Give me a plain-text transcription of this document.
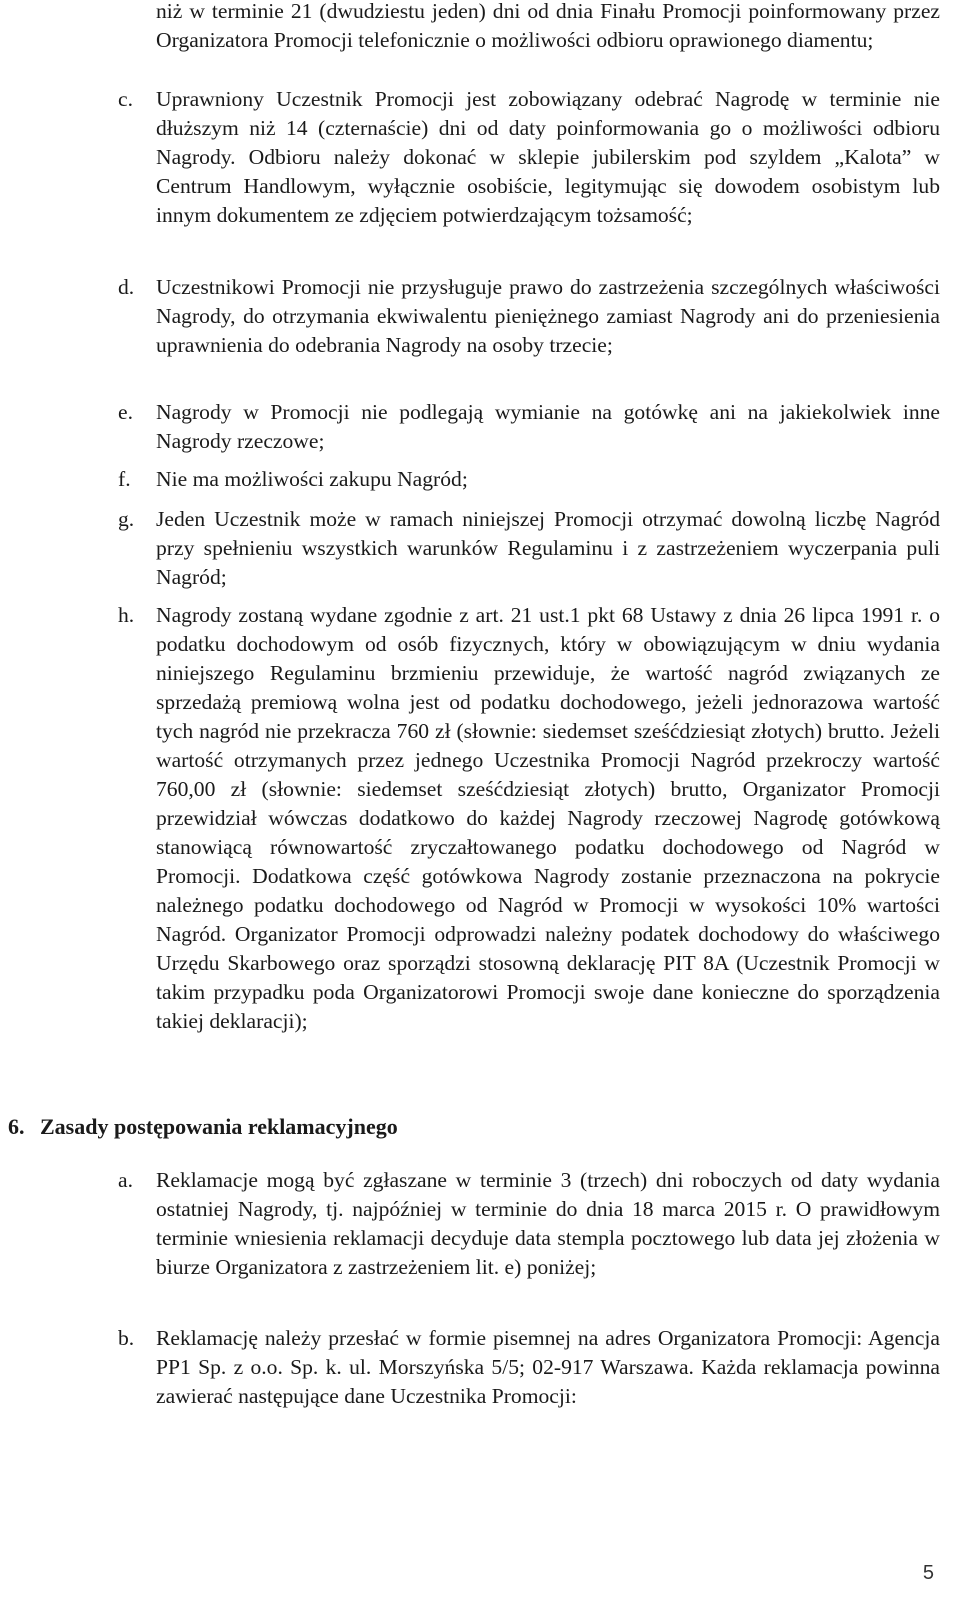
niż w terminie 21 (dwudziestu jeden) dni od dnia Finału Promocji poinformowany przez Organizatora Promocji telefonicznie o możliwości odbioru oprawionego diamentu;
c. Uprawniony Uczestnik Promocji jest zobowiązany odebrać Nagrodę w terminie nie dłuższym niż 14 (czternaście) dni od daty poinformowania go o możliwości odbioru Nagrody. Odbioru należy dokonać w sklepie jubilerskim pod szyldem „Kalota” w Centrum Handlowym, wyłącznie osobiście, legitymując się dowodem osobistym lub innym dokumentem ze zdjęciem potwierdzającym tożsamość;
d. Uczestnikowi Promocji nie przysługuje prawo do zastrzeżenia szczególnych właściwości Nagrody, do otrzymania ekwiwalentu pieniężnego zamiast Nagrody ani do przeniesienia uprawnienia do odebrania Nagrody na osoby trzecie;
e. Nagrody w Promocji nie podlegają wymianie na gotówkę ani na jakiekolwiek inne Nagrody rzeczowe;
f. Nie ma możliwości zakupu Nagród;
g. Jeden Uczestnik może w ramach niniejszej Promocji otrzymać dowolną liczbę Nagród przy spełnieniu wszystkich warunków Regulaminu i z zastrzeżeniem wyczerpania puli Nagród;
h. Nagrody zostaną wydane zgodnie z art. 21 ust.1 pkt 68 Ustawy z dnia 26 lipca 1991 r. o podatku dochodowym od osób fizycznych, który w obowiązującym w dniu wydania niniejszego Regulaminu brzmieniu przewiduje, że wartość nagród związanych ze sprzedażą premiową wolna jest od podatku dochodowego, jeżeli jednorazowa wartość tych nagród nie przekracza 760 zł (słownie: siedemset sześćdziesiąt złotych) brutto. Jeżeli wartość otrzymanych przez jednego Uczestnika Promocji Nagród przekroczy wartość 760,00 zł (słownie: siedemset sześćdziesiąt złotych) brutto, Organizator Promocji przewidział wówczas dodatkowo do każdej Nagrody rzeczowej Nagrodę gotówkową stanowiącą równowartość zryczałtowanego podatku dochodowego od Nagród w Promocji. Dodatkowa część gotówkowa Nagrody zostanie przeznaczona na pokrycie należnego podatku dochodowego od Nagród w Promocji w wysokości 10% wartości Nagród. Organizator Promocji odprowadzi należny podatek dochodowy do właściwego Urzędu Skarbowego oraz sporządzi stosowną deklarację PIT 8A (Uczestnik Promocji w takim przypadku poda Organizatorowi Promocji swoje dane konieczne do sporządzenia takiej deklaracji);
6. Zasady postępowania reklamacyjnego
a. Reklamacje mogą być zgłaszane w terminie 3 (trzech) dni roboczych od daty wydania ostatniej Nagrody, tj. najpóźniej w terminie do dnia 18 marca 2015 r. O prawidłowym terminie wniesienia reklamacji decyduje data stempla pocztowego lub data jej złożenia w biurze Organizatora z zastrzeżeniem lit. e) poniżej;
b. Reklamację należy przesłać w formie pisemnej na adres Organizatora Promocji: Agencja PP1 Sp. z o.o. Sp. k. ul. Morszyńska 5/5; 02-917 Warszawa. Każda reklamacja powinna zawierać następujące dane Uczestnika Promocji:
5
